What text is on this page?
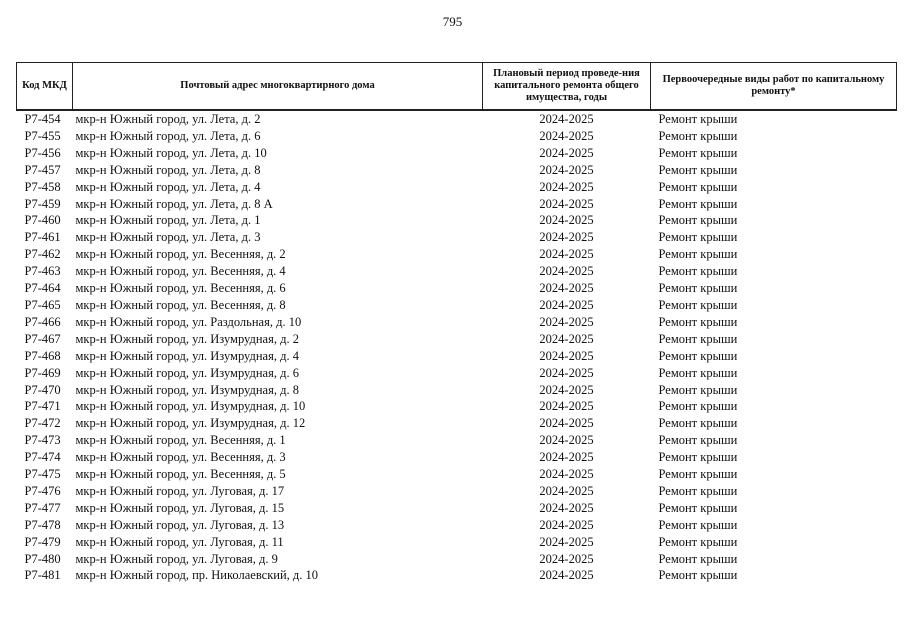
795
Код МКД	Почтовый адрес многоквартирного дома	Плановый период проведе-ния капитального ремонта общего имущества, годы	Первоочередные виды работ по капитальному ремонту*
Р7-454	мкр-н Южный город, ул. Лета, д. 2	2024-2025	Ремонт крыши
Р7-455	мкр-н Южный город, ул. Лета, д. 6	2024-2025	Ремонт крыши
Р7-456	мкр-н Южный город, ул. Лета, д. 10	2024-2025	Ремонт крыши
Р7-457	мкр-н Южный город, ул. Лета, д. 8	2024-2025	Ремонт крыши
Р7-458	мкр-н Южный город, ул. Лета, д. 4	2024-2025	Ремонт крыши
Р7-459	мкр-н Южный город, ул. Лета, д. 8 А	2024-2025	Ремонт крыши
Р7-460	мкр-н Южный город, ул. Лета, д. 1	2024-2025	Ремонт крыши
Р7-461	мкр-н Южный город, ул. Лета, д. 3	2024-2025	Ремонт крыши
Р7-462	мкр-н Южный город, ул. Весенняя, д. 2	2024-2025	Ремонт крыши
Р7-463	мкр-н Южный город, ул. Весенняя, д. 4	2024-2025	Ремонт крыши
Р7-464	мкр-н Южный город, ул. Весенняя, д. 6	2024-2025	Ремонт крыши
Р7-465	мкр-н Южный город, ул. Весенняя, д. 8	2024-2025	Ремонт крыши
Р7-466	мкр-н Южный город, ул. Раздольная, д. 10	2024-2025	Ремонт крыши
Р7-467	мкр-н Южный город, ул. Изумрудная, д. 2	2024-2025	Ремонт крыши
Р7-468	мкр-н Южный город, ул. Изумрудная, д. 4	2024-2025	Ремонт крыши
Р7-469	мкр-н Южный город, ул. Изумрудная, д. 6	2024-2025	Ремонт крыши
Р7-470	мкр-н Южный город, ул. Изумрудная, д. 8	2024-2025	Ремонт крыши
Р7-471	мкр-н Южный город, ул. Изумрудная, д. 10	2024-2025	Ремонт крыши
Р7-472	мкр-н Южный город, ул. Изумрудная, д. 12	2024-2025	Ремонт крыши
Р7-473	мкр-н Южный город, ул. Весенняя, д. 1	2024-2025	Ремонт крыши
Р7-474	мкр-н Южный город, ул. Весенняя, д. 3	2024-2025	Ремонт крыши
Р7-475	мкр-н Южный город, ул. Весенняя, д. 5	2024-2025	Ремонт крыши
Р7-476	мкр-н Южный город, ул. Луговая, д. 17	2024-2025	Ремонт крыши
Р7-477	мкр-н Южный город, ул. Луговая, д. 15	2024-2025	Ремонт крыши
Р7-478	мкр-н Южный город, ул. Луговая, д. 13	2024-2025	Ремонт крыши
Р7-479	мкр-н Южный город, ул. Луговая, д. 11	2024-2025	Ремонт крыши
Р7-480	мкр-н Южный город, ул. Луговая, д. 9	2024-2025	Ремонт крыши
Р7-481	мкр-н Южный город, пр. Николаевский, д. 10	2024-2025	Ремонт крыши
